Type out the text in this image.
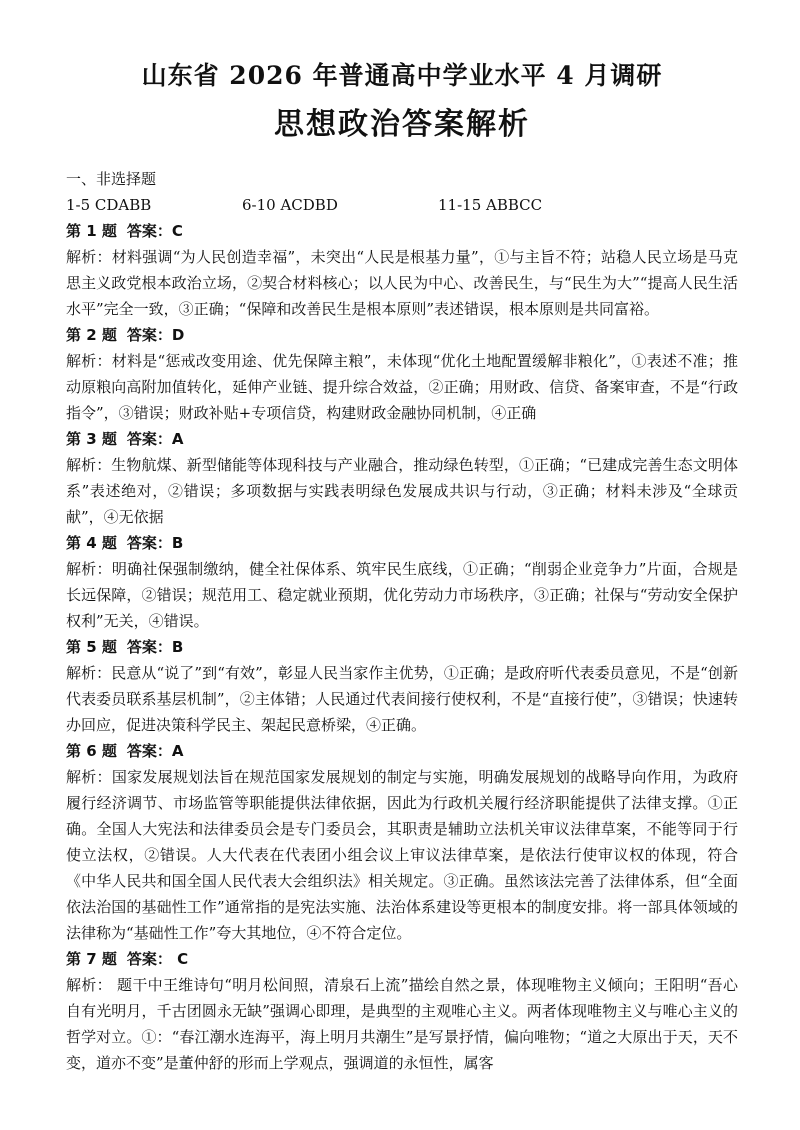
山东省 2026 年普通高中学业水平 4 月调研
思想政治答案解析

一、非选择题

1-5 CDABB	6-10 ACDBD	11-15 ABBCC

第 1 题 答案：C

解析：材料强调“为人民创造幸福”，未突出“人民是根基力量”，①与主旨不符；站稳人民立场是马克思主义政党根本政治立场，②契合材料核心；以人民为中心、改善民生，与“民生为大”“提高人民生活水平”完全一致，③正确；“保障和改善民生是根本原则”表述错误，根本原则是共同富裕。

第 2 题 答案：D

解析：材料是“惩戒改变用途、优先保障主粮”，未体现“优化土地配置缓解非粮化”，①表述不准；推动原粮向高附加值转化，延伸产业链、提升综合效益，②正确；用财政、信贷、备案审查，不是“行政指令”，③错误；财政补贴+专项信贷，构建财政金融协同机制，④正确

第 3 题 答案：A

解析：生物航煤、新型储能等体现科技与产业融合，推动绿色转型，①正确；“已建成完善生态文明体系”表述绝对，②错误；多项数据与实践表明绿色发展成共识与行动，③正确；材料未涉及“全球贡献”，④无依据

第 4 题 答案：B

解析：明确社保强制缴纳，健全社保体系、筑牢民生底线，①正确；“削弱企业竞争力”片面，合规是长远保障，②错误；规范用工、稳定就业预期，优化劳动力市场秩序，③正确；社保与“劳动安全保护权利”无关，④错误。

第 5 题 答案：B

解析：民意从“说了”到“有效”，彰显人民当家作主优势，①正确；是政府听代表委员意见，不是“创新代表委员联系基层机制”，②主体错；人民通过代表间接行使权利，不是“直接行使”，③错误；快速转办回应，促进决策科学民主、架起民意桥梁，④正确。

第 6 题 答案：A

解析：国家发展规划法旨在规范国家发展规划的制定与实施，明确发展规划的战略导向作用，为政府履行经济调节、市场监管等职能提供法律依据，因此为行政机关履行经济职能提供了法律支撑。①正确。全国人大宪法和法律委员会是专门委员会，其职责是辅助立法机关审议法律草案，不能等同于行使立法权，②错误。人大代表在代表团小组会议上审议法律草案，是依法行使审议权的体现，符合《中华人民共和国全国人民代表大会组织法》相关规定。③正确。虽然该法完善了法律体系，但“全面依法治国的基础性工作”通常指的是宪法实施、法治体系建设等更根本的制度安排。将一部具体领域的法律称为“基础性工作”夸大其地位，④不符合定位。

第 7 题 答案： C

解析： 题干中王维诗句“明月松间照，清泉石上流”描绘自然之景，体现唯物主义倾向；王阳明“吾心自有光明月，千古团圆永无缺”强调心即理，是典型的主观唯心主义。两者体现唯物主义与唯心主义的哲学对立。①：“春江潮水连海平，海上明月共潮生”是写景抒情，偏向唯物；“道之大原出于天，天不变，道亦不变”是董仲舒的形而上学观点，强调道的永恒性，属客
